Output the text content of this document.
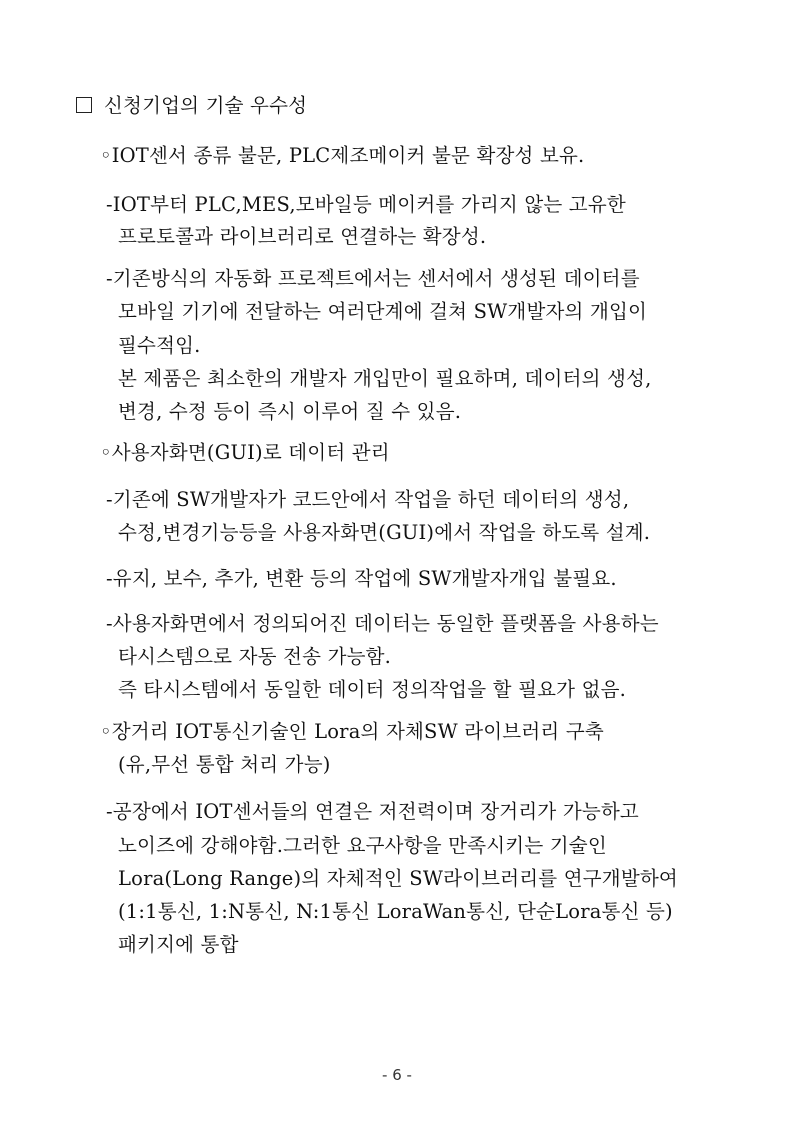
신청기업의 기술 우수성
◦IOT센서 종류 불문, PLC제조메이커 불문 확장성 보유.
-IOT부터 PLC,MES,모바일등 메이커를 가리지 않는 고유한
프로토콜과 라이브러리로 연결하는 확장성.
-기존방식의 자동화 프로젝트에서는 센서에서 생성된 데이터를
모바일 기기에 전달하는 여러단계에 걸쳐 SW개발자의 개입이
필수적임.
본 제품은 최소한의 개발자 개입만이 필요하며, 데이터의 생성,
변경, 수정 등이 즉시 이루어 질 수 있음.
◦사용자화면(GUI)로 데이터 관리
-기존에 SW개발자가 코드안에서 작업을 하던 데이터의 생성,
수정,변경기능등을 사용자화면(GUI)에서 작업을 하도록 설계.
-유지, 보수, 추가, 변환 등의 작업에 SW개발자개입 불필요.
-사용자화면에서 정의되어진 데이터는 동일한 플랫폼을 사용하는
타시스템으로 자동 전송 가능함.
즉 타시스템에서 동일한 데이터 정의작업을 할 필요가 없음.
◦장거리 IOT통신기술인 Lora의 자체SW 라이브러리 구축
(유,무선 통합 처리 가능)
-공장에서 IOT센서들의 연결은 저전력이며 장거리가 가능하고
노이즈에 강해야함.그러한 요구사항을 만족시키는 기술인
Lora(Long Range)의 자체적인 SW라이브러리를 연구개발하여
(1:1통신, 1:N통신, N:1통신 LoraWan통신, 단순Lora통신 등)
패키지에 통합
- 6 -
